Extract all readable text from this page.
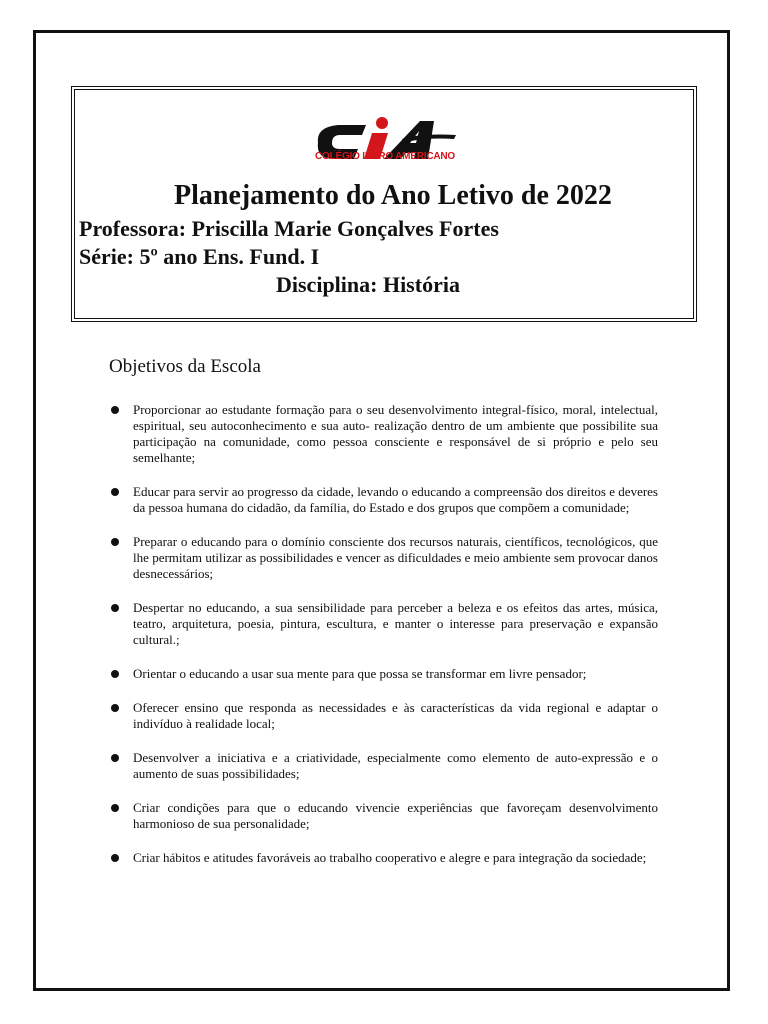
COLÉGIO IBERO AMERICANO
Planejamento do Ano Letivo de 2022
Professora: Priscilla Marie Gonçalves Fortes
Série: 5º ano Ens. Fund. I
Disciplina: História
Objetivos da Escola
Proporcionar ao estudante formação para o seu desenvolvimento integral-físico, moral, intelectual, espiritual, seu autoconhecimento e sua auto- realização dentro de um ambiente que possibilite sua participação na comunidade, como pessoa consciente e responsável de si próprio e pelo seu semelhante;
Educar para servir ao progresso da cidade, levando o educando a compreensão dos direitos e deveres da pessoa humana do cidadão, da família, do Estado e dos grupos que compõem a comunidade;
Preparar o educando para o domínio consciente dos recursos naturais, científicos, tecnológicos, que lhe permitam utilizar as possibilidades e vencer as dificuldades e meio ambiente sem provocar danos desnecessários;
Despertar no educando, a sua sensibilidade para perceber a beleza e os efeitos das artes, música, teatro, arquitetura, poesia, pintura, escultura, e manter o interesse para preservação e expansão cultural.;
Orientar o educando a usar sua mente para que possa se transformar em livre pensador;
Oferecer ensino que responda as necessidades e às características da vida regional e adaptar o indivíduo à realidade local;
Desenvolver a iniciativa e a criatividade, especialmente como elemento de auto-expressão e o aumento de suas possibilidades;
Criar condições para que o educando vivencie experiências que favoreçam desenvolvimento harmonioso de sua personalidade;
Criar hábitos e atitudes favoráveis ao trabalho cooperativo e alegre e para integração da sociedade;
